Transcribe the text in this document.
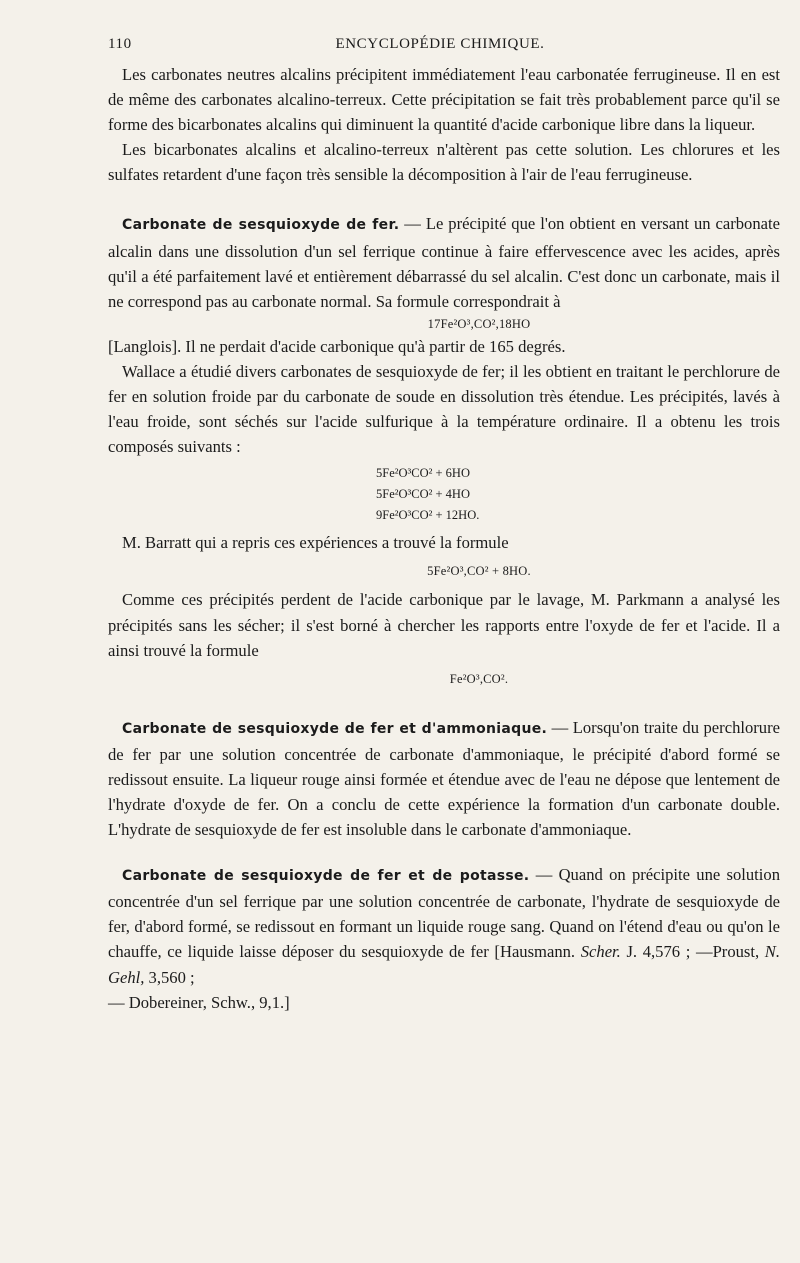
110	ENCYCLOPÉDIE CHIMIQUE.

Les carbonates neutres alcalins précipitent immédiatement l'eau carbonatée ferrugineuse. Il en est de même des carbonates alcalino-terreux. Cette précipitation se fait très probablement parce qu'il se forme des bicarbonates alcalins qui diminuent la quantité d'acide carbonique libre dans la liqueur.

Les bicarbonates alcalins et alcalino-terreux n'altèrent pas cette solution. Les chlorures et les sulfates retardent d'une façon très sensible la décomposition à l'air de l'eau ferrugineuse.

Carbonate de sesquioxyde de fer. — Le précipité que l'on obtient en versant un carbonate alcalin dans une dissolution d'un sel ferrique continue à faire effervescence avec les acides, après qu'il a été parfaitement lavé et entièrement débarrassé du sel alcalin. C'est donc un carbonate, mais il ne correspond pas au carbonate normal. Sa formule correspondrait à

17Fe²O³,CO²,18HO

[Langlois]. Il ne perdait d'acide carbonique qu'à partir de 165 degrés.

Wallace a étudié divers carbonates de sesquioxyde de fer; il les obtient en traitant le perchlorure de fer en solution froide par du carbonate de soude en dissolution très étendue. Les précipités, lavés à l'eau froide, sont séchés sur l'acide sulfurique à la température ordinaire. Il a obtenu les trois composés suivants :

5Fe²O³CO² + 6HO
5Fe²O³CO² + 4HO
9Fe²O³CO² + 12HO.

M. Barratt qui a repris ces expériences a trouvé la formule

5Fe²O³,CO² + 8HO.

Comme ces précipités perdent de l'acide carbonique par le lavage, M. Parkmann a analysé les précipités sans les sécher; il s'est borné à chercher les rapports entre l'oxyde de fer et l'acide. Il a ainsi trouvé la formule

Fe²O³,CO².

Carbonate de sesquioxyde de fer et d'ammoniaque. — Lorsqu'on traite du perchlorure de fer par une solution concentrée de carbonate d'ammoniaque, le précipité d'abord formé se redissout ensuite. La liqueur rouge ainsi formée et étendue avec de l'eau ne dépose que lentement de l'hydrate d'oxyde de fer. On a conclu de cette expérience la formation d'un carbonate double. L'hydrate de sesquioxyde de fer est insoluble dans le carbonate d'ammoniaque.

Carbonate de sesquioxyde de fer et de potasse. — Quand on précipite une solution concentrée d'un sel ferrique par une solution concentrée de carbonate, l'hydrate de sesquioxyde de fer, d'abord formé, se redissout en formant un liquide rouge sang. Quand on l'étend d'eau ou qu'on le chauffe, ce liquide laisse déposer du sesquioxyde de fer [Hausmann. Scher. J. 4,576 ; —Proust, N. Gehl, 3,560 ;

— Dobereiner, Schw., 9,1.]
